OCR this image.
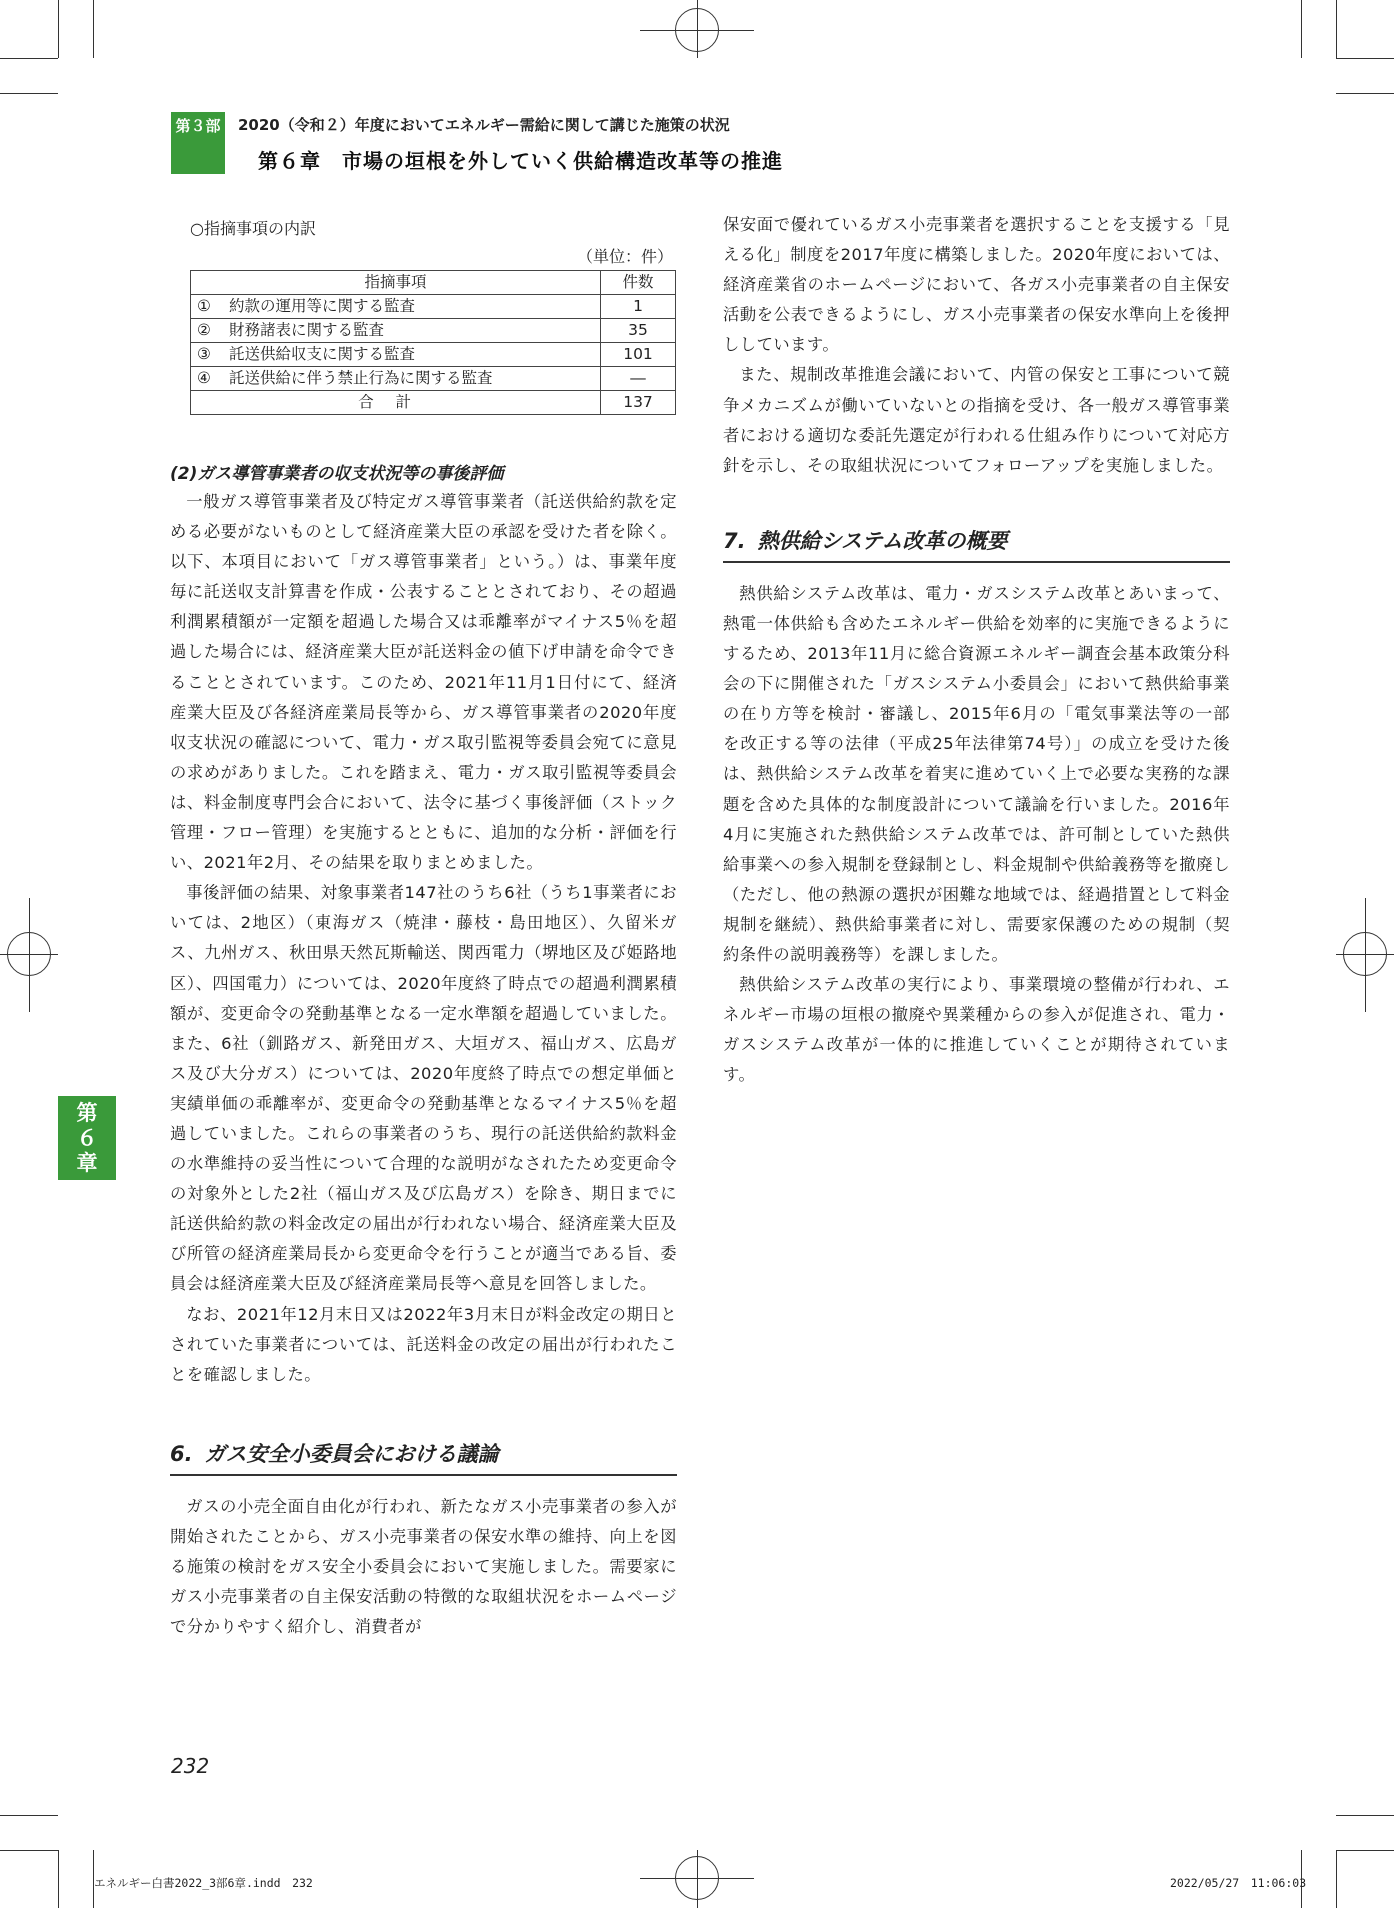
第３部	2020（令和２）年度においてエネルギー需給に関して講じた施策の状況
第６章　市場の垣根を外していく供給構造改革等の推進
第
６
章
○指摘事項の内訳
（単位：件）
指摘事項	件数
① 約款の運用等に関する監査	1
② 財務諸表に関する監査	35
③ 託送供給収支に関する監査	101
④ 託送供給に伴う禁止行為に関する監査	―
合計	137
(2)ガス導管事業者の収支状況等の事後評価

一般ガス導管事業者及び特定ガス導管事業者（託送供給約款を定める必要がないものとして経済産業大臣の承認を受けた者を除く。以下、本項目において「ガス導管事業者」という。）は、事業年度毎に託送収支計算書を作成・公表することとされており、その超過利潤累積額が一定額を超過した場合又は乖離率がマイナス5％を超過した場合には、経済産業大臣が託送料金の値下げ申請を命令できることとされています。このため、2021年11月1日付にて、経済産業大臣及び各経済産業局長等から、ガス導管事業者の2020年度収支状況の確認について、電力・ガス取引監視等委員会宛てに意見の求めがありました。これを踏まえ、電力・ガス取引監視等委員会は、料金制度専門会合において、法令に基づく事後評価（ストック管理・フロー管理）を実施するとともに、追加的な分析・評価を行い、2021年2月、その結果を取りまとめました。

事後評価の結果、対象事業者147社のうち6社（うち1事業者においては、2地区）（東海ガス（焼津・藤枝・島田地区）、久留米ガス、九州ガス、秋田県天然瓦斯輸送、関西電力（堺地区及び姫路地区）、四国電力）については、2020年度終了時点での超過利潤累積額が、変更命令の発動基準となる一定水準額を超過していました。また、6社（釧路ガス、新発田ガス、大垣ガス、福山ガス、広島ガス及び大分ガス）については、2020年度終了時点での想定単価と実績単価の乖離率が、変更命令の発動基準となるマイナス5％を超過していました。これらの事業者のうち、現行の託送供給約款料金の水準維持の妥当性について合理的な説明がなされたため変更命令の対象外とした2社（福山ガス及び広島ガス）を除き、期日までに託送供給約款の料金改定の届出が行われない場合、経済産業大臣及び所管の経済産業局長から変更命令を行うことが適当である旨、委員会は経済産業大臣及び経済産業局長等へ意見を回答しました。

なお、2021年12月末日又は2022年3月末日が料金改定の期日とされていた事業者については、託送料金の改定の届出が行われたことを確認しました。

6. ガス安全小委員会における議論

ガスの小売全面自由化が行われ、新たなガス小売事業者の参入が開始されたことから、ガス小売事業者の保安水準の維持、向上を図る施策の検討をガス安全小委員会において実施しました。需要家にガス小売事業者の自主保安活動の特徴的な取組状況をホームページで分かりやすく紹介し、消費者が

保安面で優れているガス小売事業者を選択することを支援する「見える化」制度を2017年度に構築しました。2020年度においては、経済産業省のホームページにおいて、各ガス小売事業者の自主保安活動を公表できるようにし、ガス小売事業者の保安水準向上を後押ししています。

また、規制改革推進会議において、内管の保安と工事について競争メカニズムが働いていないとの指摘を受け、各一般ガス導管事業者における適切な委託先選定が行われる仕組み作りについて対応方針を示し、その取組状況についてフォローアップを実施しました。

7. 熱供給システム改革の概要

熱供給システム改革は、電力・ガスシステム改革とあいまって、熱電一体供給も含めたエネルギー供給を効率的に実施できるようにするため、2013年11月に総合資源エネルギー調査会基本政策分科会の下に開催された「ガスシステム小委員会」において熱供給事業の在り方等を検討・審議し、2015年6月の「電気事業法等の一部を改正する等の法律（平成25年法律第74号）」の成立を受けた後は、熱供給システム改革を着実に進めていく上で必要な実務的な課題を含めた具体的な制度設計について議論を行いました。2016年4月に実施された熱供給システム改革では、許可制としていた熱供給事業への参入規制を登録制とし、料金規制や供給義務等を撤廃し（ただし、他の熱源の選択が困難な地域では、経過措置として料金規制を継続）、熱供給事業者に対し、需要家保護のための規制（契約条件の説明義務等）を課しました。

熱供給システム改革の実行により、事業環境の整備が行われ、エネルギー市場の垣根の撤廃や異業種からの参入が促進され、電力・ガスシステム改革が一体的に推進していくことが期待されています。

232
エネルギー白書2022_3部6章.indd　232	2022/05/27　11:06:03
